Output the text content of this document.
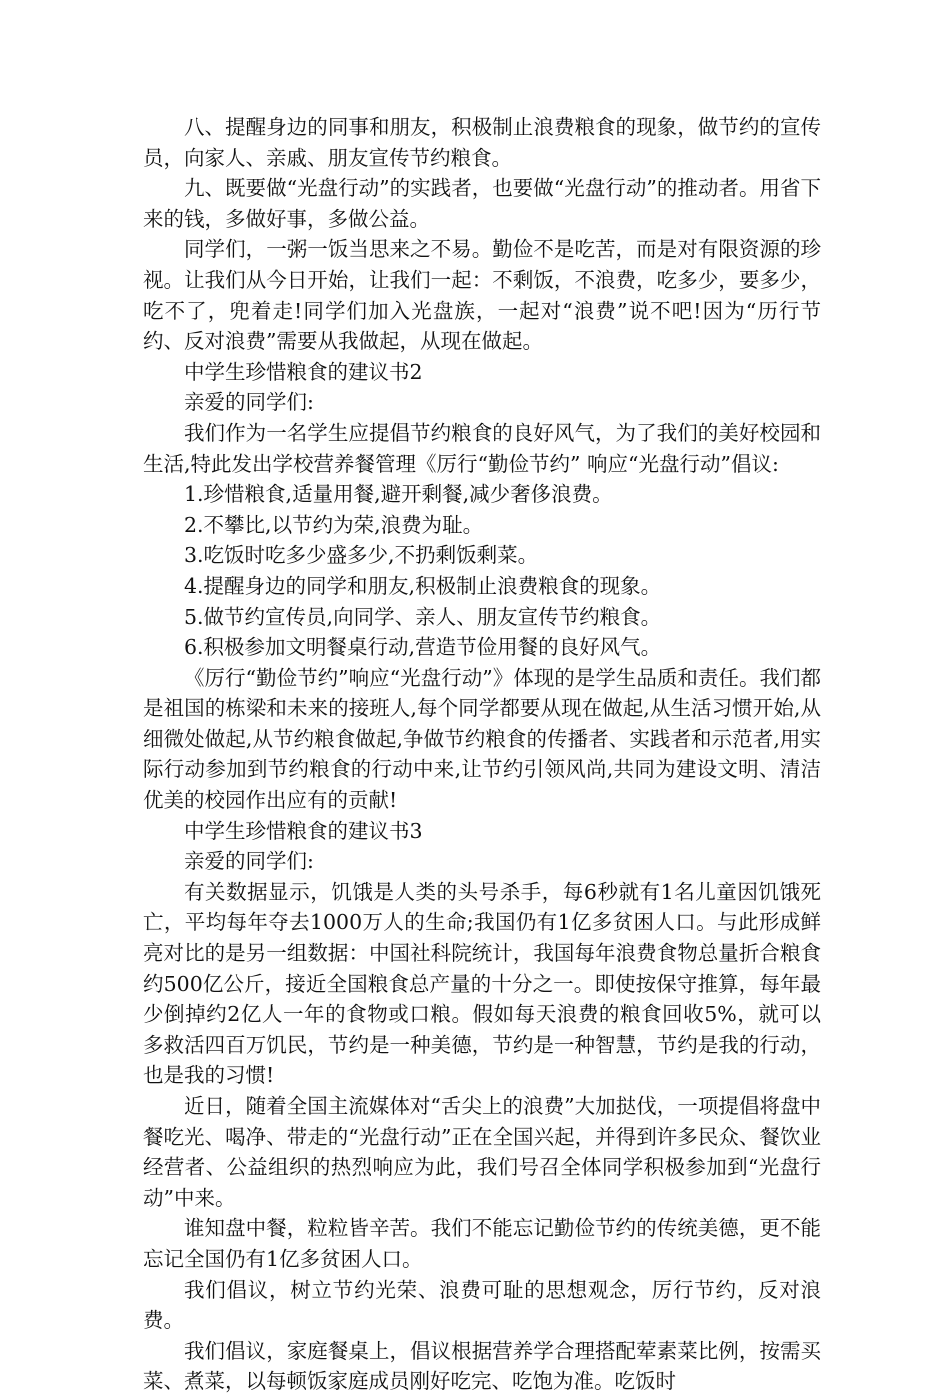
八、提醒身边的同事和朋友，积极制止浪费粮食的现象，做节约的宣传员，向家人、亲戚、朋友宣传节约粮食。

九、既要做“光盘行动”的实践者，也要做“光盘行动”的推动者。用省下来的钱，多做好事，多做公益。

同学们，一粥一饭当思来之不易。勤俭不是吃苦，而是对有限资源的珍视。让我们从今日开始，让我们一起：不剩饭，不浪费，吃多少，要多少，吃不了，兜着走!同学们加入光盘族，一起对“浪费”说不吧!因为“历行节约、反对浪费”需要从我做起，从现在做起。

中学生珍惜粮食的建议书2

亲爱的同学们:

我们作为一名学生应提倡节约粮食的良好风气，为了我们的美好校园和生活,特此发出学校营养餐管理《厉行“勤俭节约” 响应“光盘行动”倡议:

1.珍惜粮食,适量用餐,避开剩餐,减少奢侈浪费。

2.不攀比,以节约为荣,浪费为耻。

3.吃饭时吃多少盛多少,不扔剩饭剩菜。

4.提醒身边的同学和朋友,积极制止浪费粮食的现象。

5.做节约宣传员,向同学、亲人、朋友宣传节约粮食。

6.积极参加文明餐桌行动,营造节俭用餐的良好风气。

《厉行“勤俭节约”响应“光盘行动”》体现的是学生品质和责任。我们都是祖国的栋梁和未来的接班人,每个同学都要从现在做起,从生活习惯开始,从细微处做起,从节约粮食做起,争做节约粮食的传播者、实践者和示范者,用实际行动参加到节约粮食的行动中来,让节约引领风尚,共同为建设文明、清洁优美的校园作出应有的贡献!

中学生珍惜粮食的建议书3

亲爱的同学们:

有关数据显示，饥饿是人类的头号杀手，每6秒就有1名儿童因饥饿死亡，平均每年夺去1000万人的生命;我国仍有1亿多贫困人口。与此形成鲜亮对比的是另一组数据：中国社科院统计，我国每年浪费食物总量折合粮食约500亿公斤，接近全国粮食总产量的十分之一。即使按保守推算，每年最少倒掉约2亿人一年的食物或口粮。假如每天浪费的粮食回收5%，就可以多救活四百万饥民，节约是一种美德，节约是一种智慧，节约是我的行动，也是我的习惯!

近日，随着全国主流媒体对“舌尖上的浪费”大加挞伐，一项提倡将盘中餐吃光、喝净、带走的“光盘行动”正在全国兴起，并得到许多民众、餐饮业经营者、公益组织的热烈响应为此，我们号召全体同学积极参加到“光盘行动”中来。

谁知盘中餐，粒粒皆辛苦。我们不能忘记勤俭节约的传统美德，更不能忘记全国仍有1亿多贫困人口。

我们倡议，树立节约光荣、浪费可耻的思想观念，厉行节约，反对浪费。

我们倡议，家庭餐桌上，倡议根据营养学合理搭配荤素菜比例，按需买菜、煮菜，以每顿饭家庭成员刚好吃完、吃饱为准。吃饭时
